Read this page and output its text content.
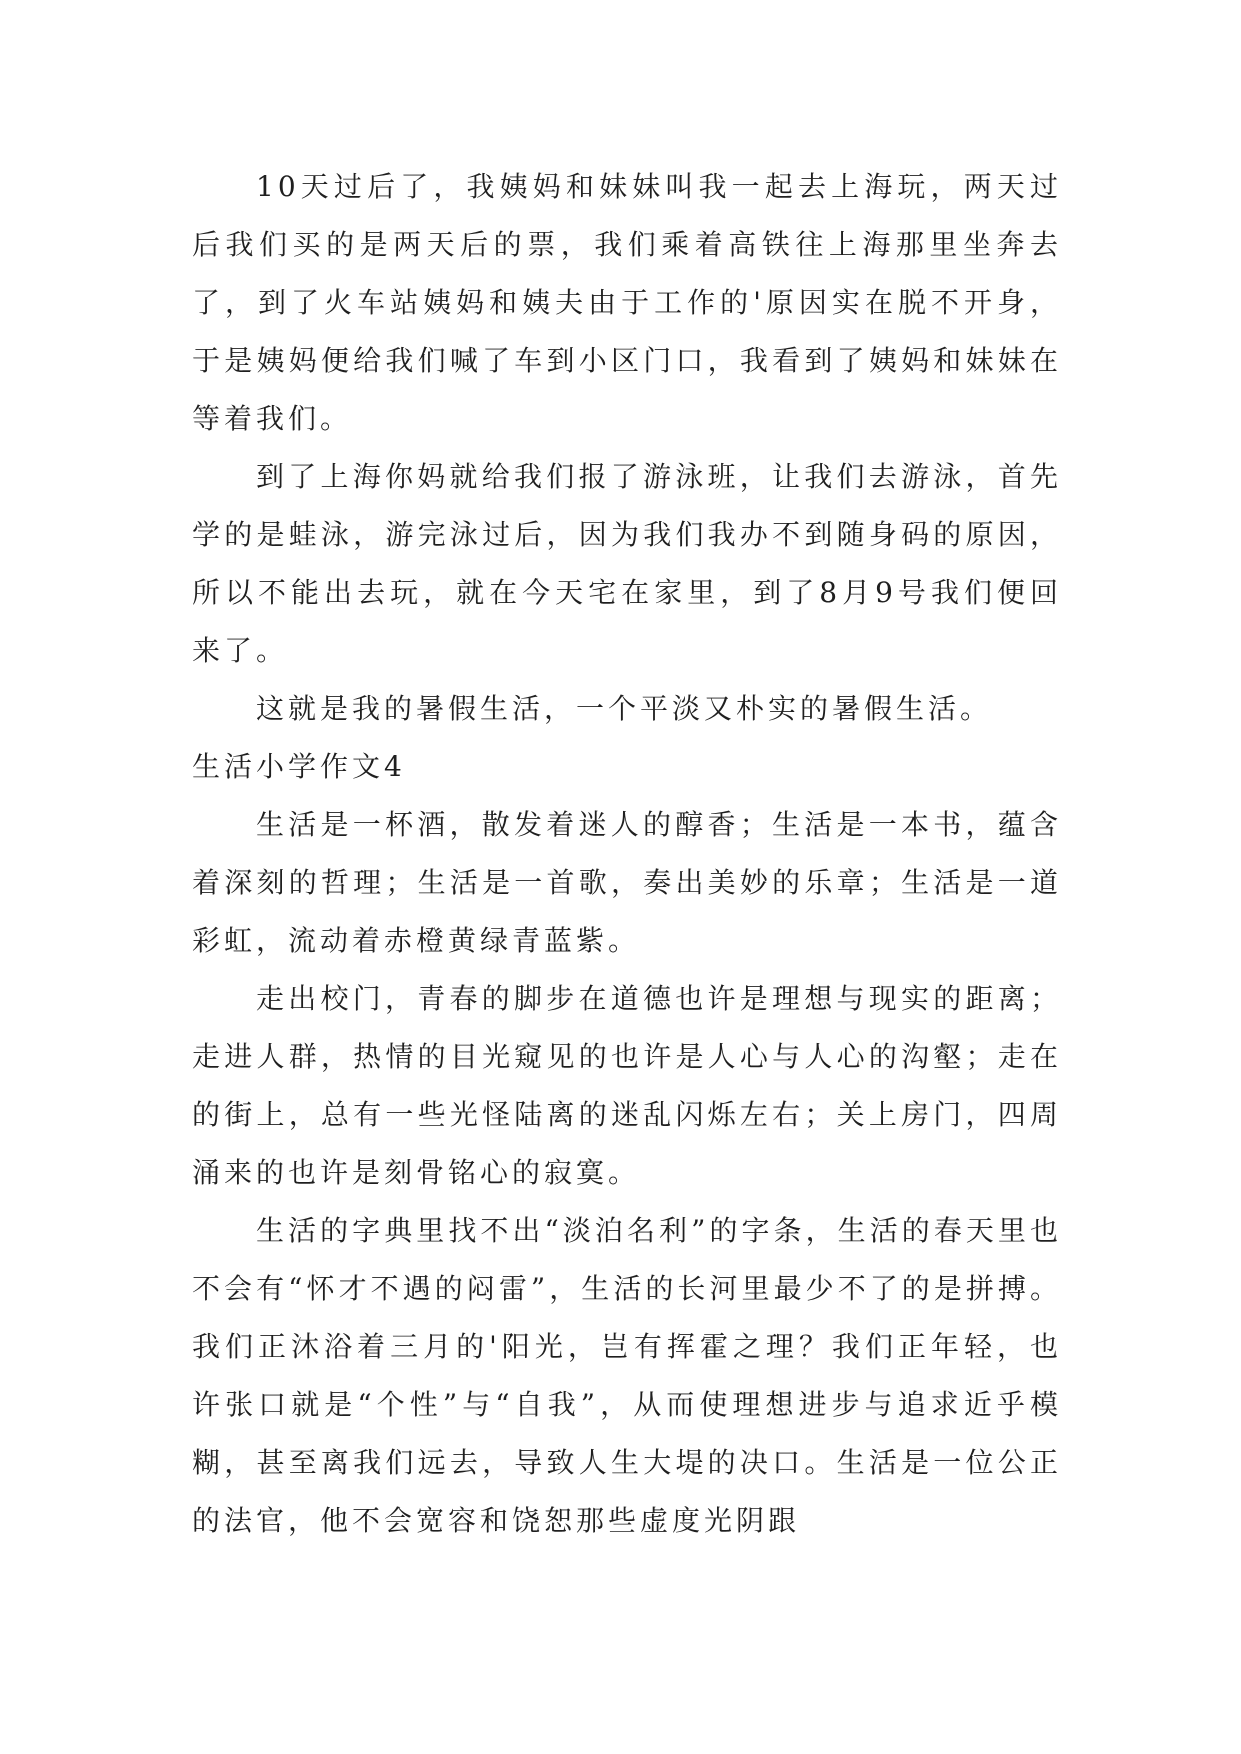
10天过后了，我姨妈和妹妹叫我一起去上海玩，两天过后我们买的是两天后的票，我们乘着高铁往上海那里坐奔去了，到了火车站姨妈和姨夫由于工作的'原因实在脱不开身，于是姨妈便给我们喊了车到小区门口，我看到了姨妈和妹妹在等着我们。

到了上海你妈就给我们报了游泳班，让我们去游泳，首先学的是蛙泳，游完泳过后，因为我们我办不到随身码的原因，所以不能出去玩，就在今天宅在家里，到了8月9号我们便回来了。

这就是我的暑假生活，一个平淡又朴实的暑假生活。

生活小学作文4

生活是一杯酒，散发着迷人的醇香；生活是一本书，蕴含着深刻的哲理；生活是一首歌，奏出美妙的乐章；生活是一道彩虹，流动着赤橙黄绿青蓝紫。

走出校门，青春的脚步在道德也许是理想与现实的距离；走进人群，热情的目光窥见的也许是人心与人心的沟壑；走在的街上，总有一些光怪陆离的迷乱闪烁左右；关上房门，四周涌来的也许是刻骨铭心的寂寞。

生活的字典里找不出“淡泊名利”的字条，生活的春天里也不会有“怀才不遇的闷雷”，生活的长河里最少不了的是拼搏。我们正沐浴着三月的'阳光，岂有挥霍之理？我们正年轻，也许张口就是“个性”与“自我”，从而使理想进步与追求近乎模糊，甚至离我们远去，导致人生大堤的决口。生活是一位公正的法官，他不会宽容和饶恕那些虚度光阴跟
